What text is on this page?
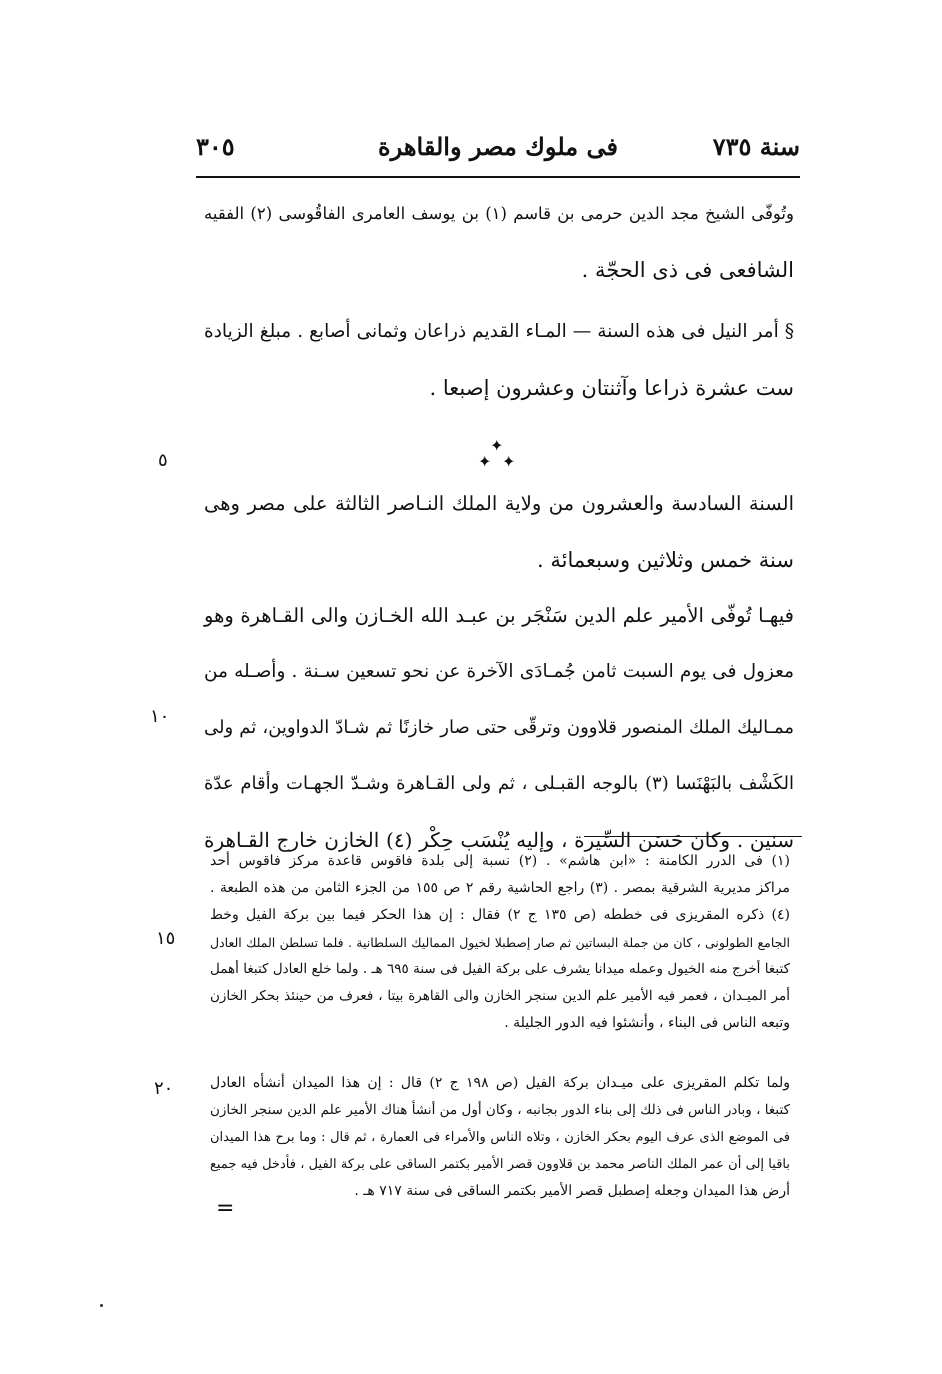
سنة ٧٣٥
فى ملوك مصر والقاهرة
٣٠٥
وتُوفّى الشيخ مجد الدين حرمى بن قاسم (١) بن يوسف العامرى الفاقُوسى (٢) الفقيه
الشافعى فى ذى الحجّة .
§ أمر النيل فى هذه السنة — المـاء القديم ذراعان وثمانى أصابع . مبلغ الزيادة
ست عشرة ذراعا وآثنتان وعشرون إصبعا .
✦
✦ ✦
السنة السادسة والعشرون من ولاية الملك النـاصر الثالثة على مصر وهى
سنة خمس وثلاثين وسبعمائة .
فيهـا تُوفّى الأمير علم الدين سَنْجَر بن عبـد الله الخـازن والى القـاهرة وهو
معزول فى يوم السبت ثامن جُمـادَى الآخرة عن نحو تسعين سـنة . وأصـله من
ممـاليك الملك المنصور قلاوون وترقّى حتى صار خازنًا ثم شـادّ الدواوين، ثم ولى
الكَشْف بالبَهْنَسا (٣) بالوجه القبـلى ، ثم ولى القـاهرة وشـدّ الجهـات وأقام عدّة
سنين . وكان حَسَن السِّيرة ، وإليه يُنْسَب حِكْر (٤) الخازن خارج القـاهرة
٥
١٠
١٥
٢٠
(١) فى الدرر الكامنة : «ابن هاشم» . (٢) نسبة إلى بلدة فاقوس قاعدة مركز فاقوس أحد
مراكز مديرية الشرقية بمصر . (٣) راجع الحاشية رقم ٢ ص ١٥٥ من الجزء الثامن من هذه الطبعة .
(٤) ذكره المقريزى فى خططه (ص ١٣٥ ج ٢) فقال : إن هذا الحكر فيما بين بركة الفيل وخط
الجامع الطولونى ، كان من جملة البساتين ثم صار إصطبلا لخيول المماليك السلطانية . فلما تسلطن الملك العادل
كتبغا أخرج منه الخيول وعمله ميدانا يشرف على بركة الفيل فى سنة ٦٩٥ هـ . ولما خلع العادل كتبغا أهمل
أمر الميـدان ، فعمر فيه الأمير علم الدين سنجر الخازن والى القاهرة بيتا ، فعرف من حينئذ بحكر الخازن
وتبعه الناس فى البناء ، وأنشئوا فيه الدور الجليلة .
ولما تكلم المقريزى على ميـدان بركة الفيل (ص ١٩٨ ج ٢) قال : إن هذا الميدان أنشأه العادل
كتبغا ، وبادر الناس فى ذلك إلى بناء الدور بجانبه ، وكان أول من أنشأ هناك الأمير علم الدين سنجر الخازن
فى الموضع الذى عرف اليوم بحكر الخازن ، وتلاه الناس والأمراء فى العمارة ، ثم قال : وما برح هذا الميدان
باقيا إلى أن عمر الملك الناصر محمد بن قلاوون قصر الأمير بكتمر الساقى على بركة الفيل ، فأدخل فيه جميع
أرض هذا الميدان وجعله إصطبل قصر الأمير بكتمر الساقى فى سنة ٧١٧ هـ .
=
